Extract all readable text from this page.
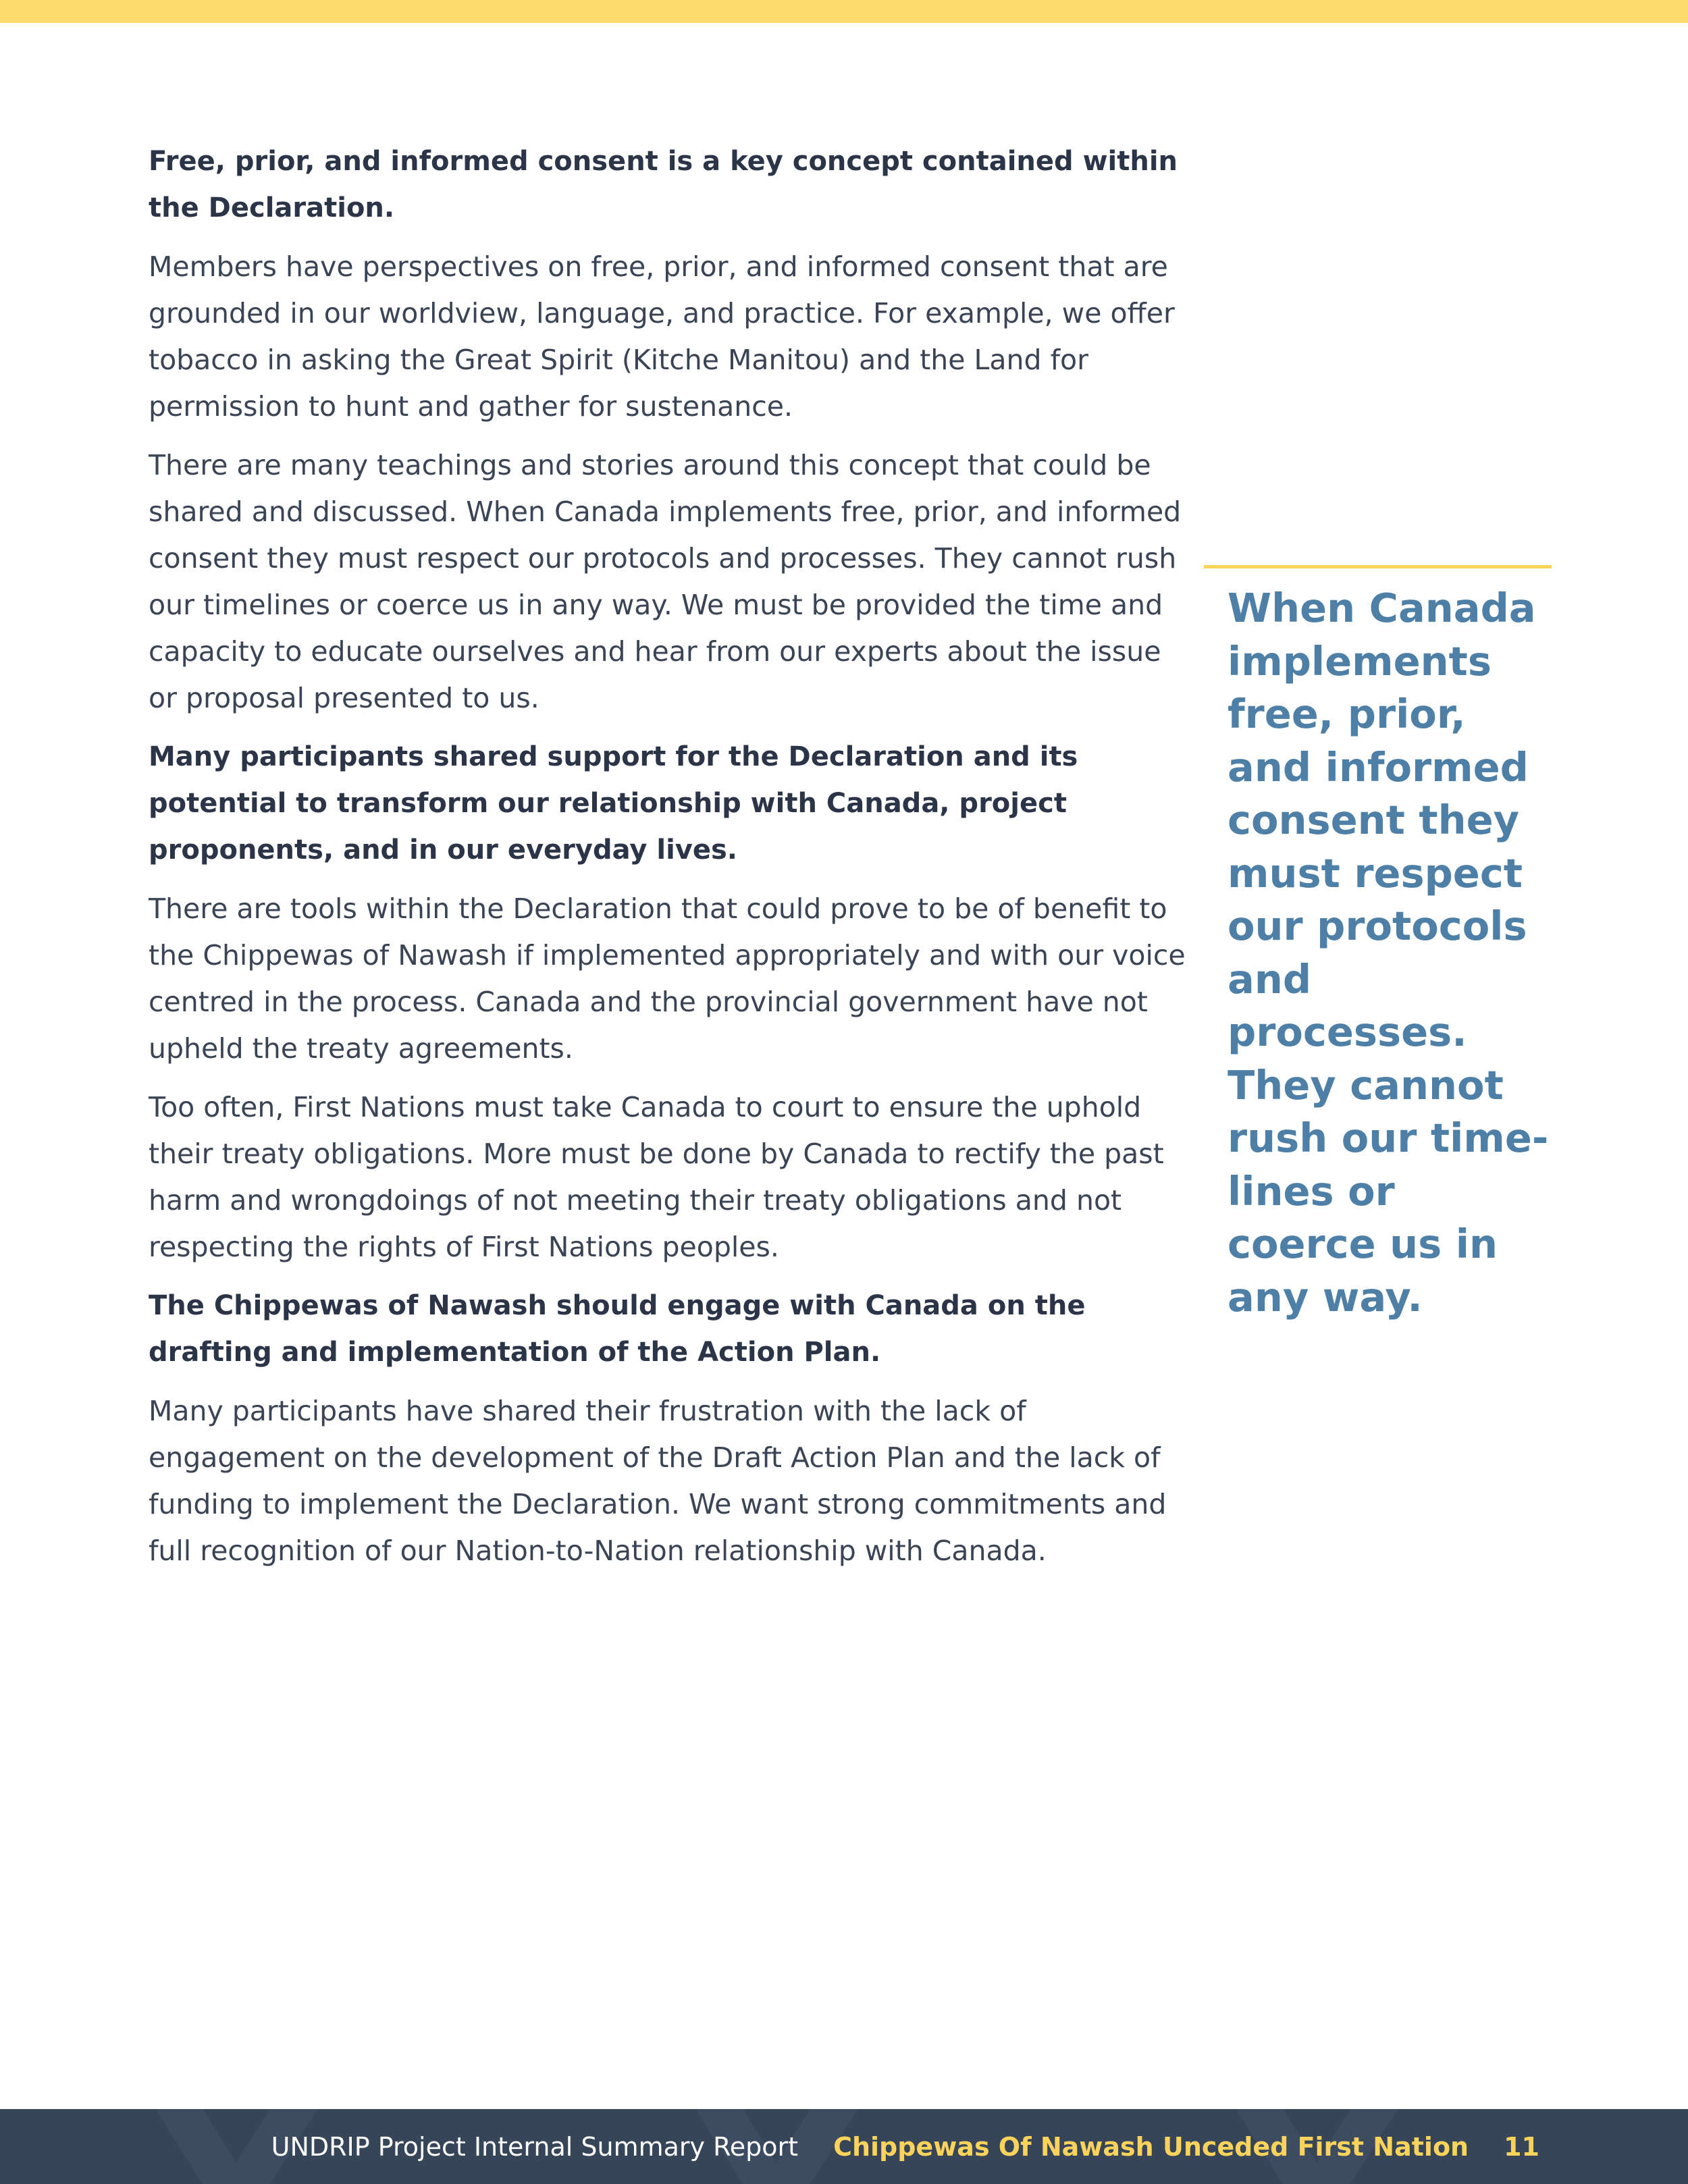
Free, prior, and informed consent is a key concept contained within the Declaration.

Members have perspectives on free, prior, and informed consent that are grounded in our worldview, language, and practice. For example, we offer tobacco in asking the Great Spirit (Kitche Manitou) and the Land for permission to hunt and gather for sustenance.

There are many teachings and stories around this concept that could be shared and discussed. When Canada implements free, prior, and informed consent they must respect our protocols and processes. They cannot rush our timelines or coerce us in any way. We must be provided the time and capacity to educate ourselves and hear from our experts about the issue or proposal presented to us.

Many participants shared support for the Declaration and its potential to transform our relationship with Canada, project proponents, and in our everyday lives.

There are tools within the Declaration that could prove to be of benefit to the Chippewas of Nawash if implemented appropriately and with our voice centred in the process. Canada and the provincial government have not upheld the treaty agreements.

Too often, First Nations must take Canada to court to ensure the uphold their treaty obligations. More must be done by Canada to rectify the past harm and wrongdoings of not meeting their treaty obligations and not respecting the rights of First Nations peoples.

The Chippewas of Nawash should engage with Canada on the drafting and implementation of the Action Plan.

Many participants have shared their frustration with the lack of engagement on the development of the Draft Action Plan and the lack of funding to implement the Declaration. We want strong commitments and full recognition of our Nation-to-Nation relationship with Canada.

When Canada implements free, prior, and informed consent they must respect our protocols and processes. They cannot rush our time-lines or coerce us in any way.

UNDRIP Project Internal Summary Report Chippewas Of Nawash Unceded First Nation 11
